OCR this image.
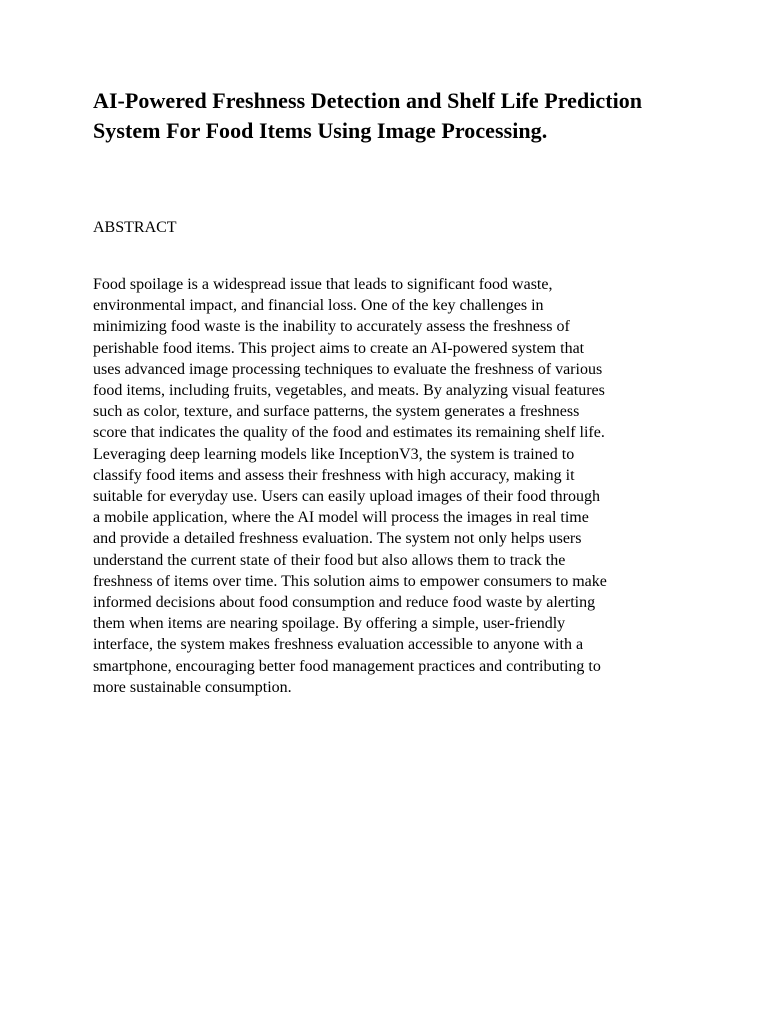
AI-Powered Freshness Detection and Shelf Life Prediction System For Food Items Using Image Processing.
ABSTRACT

Food spoilage is a widespread issue that leads to significant food waste,
environmental impact, and financial loss. One of the key challenges in
minimizing food waste is the inability to accurately assess the freshness of
perishable food items. This project aims to create an AI-powered system that
uses advanced image processing techniques to evaluate the freshness of various
food items, including fruits, vegetables, and meats. By analyzing visual features
such as color, texture, and surface patterns, the system generates a freshness
score that indicates the quality of the food and estimates its remaining shelf life.
Leveraging deep learning models like InceptionV3, the system is trained to
classify food items and assess their freshness with high accuracy, making it
suitable for everyday use. Users can easily upload images of their food through
a mobile application, where the AI model will process the images in real time
and provide a detailed freshness evaluation. The system not only helps users
understand the current state of their food but also allows them to track the
freshness of items over time. This solution aims to empower consumers to make
informed decisions about food consumption and reduce food waste by alerting
them when items are nearing spoilage. By offering a simple, user-friendly
interface, the system makes freshness evaluation accessible to anyone with a
smartphone, encouraging better food management practices and contributing to
more sustainable consumption.
